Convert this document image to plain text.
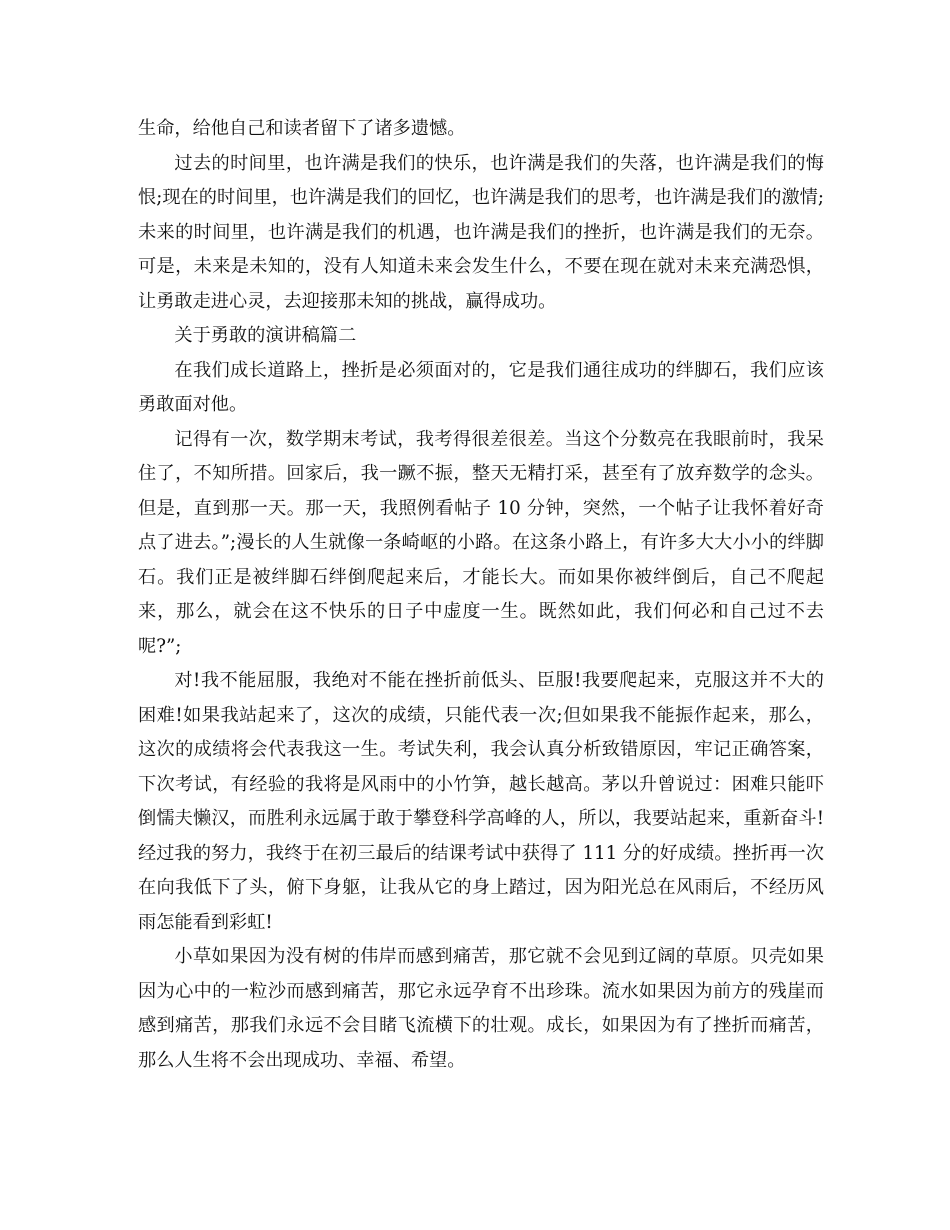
生命，给他自己和读者留下了诸多遗憾。

过去的时间里，也许满是我们的快乐，也许满是我们的失落，也许满是我们的悔恨;现在的时间里，也许满是我们的回忆，也许满是我们的思考，也许满是我们的激情;未来的时间里，也许满是我们的机遇，也许满是我们的挫折，也许满是我们的无奈。可是，未来是未知的，没有人知道未来会发生什么，不要在现在就对未来充满恐惧，让勇敢走进心灵，去迎接那未知的挑战，赢得成功。

关于勇敢的演讲稿篇二

在我们成长道路上，挫折是必须面对的，它是我们通往成功的绊脚石，我们应该勇敢面对他。

记得有一次，数学期末考试，我考得很差很差。当这个分数亮在我眼前时，我呆住了，不知所措。回家后，我一蹶不振，整天无精打采，甚至有了放弃数学的念头。但是，直到那一天。那一天，我照例看帖子 10 分钟，突然，一个帖子让我怀着好奇点了进去。”;漫长的人生就像一条崎岖的小路。在这条小路上，有许多大大小小的绊脚石。我们正是被绊脚石绊倒爬起来后，才能长大。而如果你被绊倒后，自己不爬起来，那么，就会在这不快乐的日子中虚度一生。既然如此，我们何必和自己过不去呢?”;

对!我不能屈服，我绝对不能在挫折前低头、臣服!我要爬起来，克服这并不大的困难!如果我站起来了，这次的成绩，只能代表一次;但如果我不能振作起来，那么，这次的成绩将会代表我这一生。考试失利，我会认真分析致错原因，牢记正确答案，下次考试，有经验的我将是风雨中的小竹笋，越长越高。茅以升曾说过：困难只能吓倒懦夫懒汉，而胜利永远属于敢于攀登科学高峰的人，所以，我要站起来，重新奋斗!经过我的努力，我终于在初三最后的结课考试中获得了 111 分的好成绩。挫折再一次在向我低下了头，俯下身躯，让我从它的身上踏过，因为阳光总在风雨后，不经历风雨怎能看到彩虹!

小草如果因为没有树的伟岸而感到痛苦，那它就不会见到辽阔的草原。贝壳如果因为心中的一粒沙而感到痛苦，那它永远孕育不出珍珠。流水如果因为前方的残崖而感到痛苦，那我们永远不会目睹飞流横下的壮观。成长，如果因为有了挫折而痛苦，那么人生将不会出现成功、幸福、希望。
